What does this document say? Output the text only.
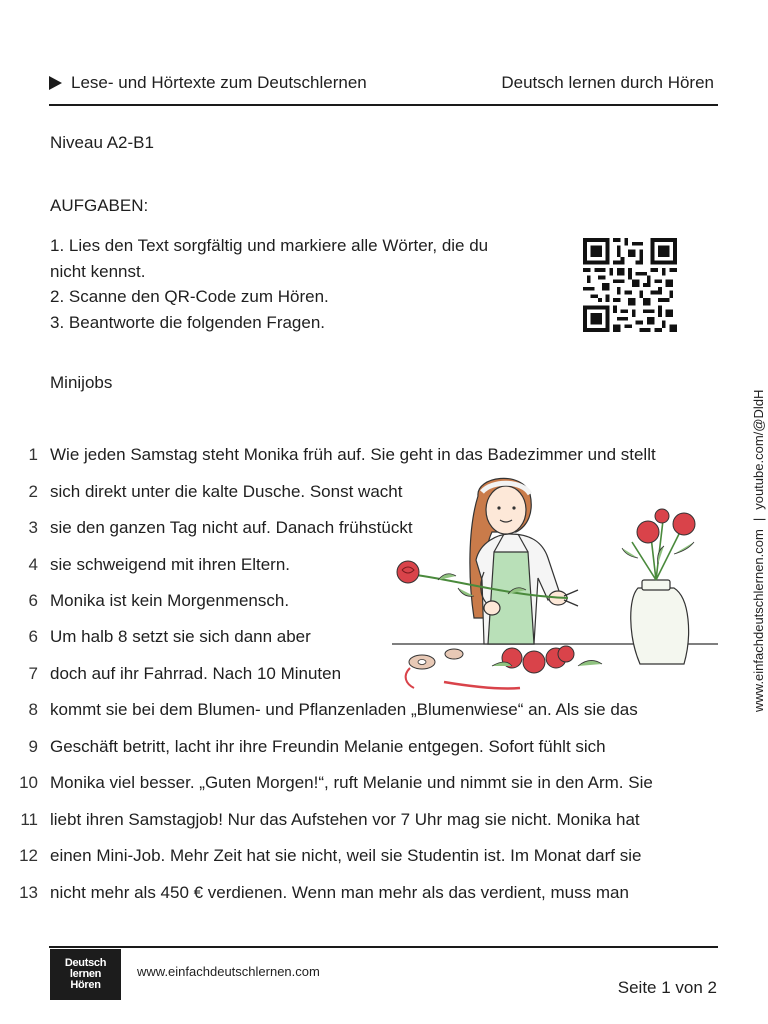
Lese- und Hörtexte zum Deutschlernen	Deutsch lernen durch Hören
Niveau A2-B1
AUFGABEN:
1. Lies den Text sorgfältig und markiere alle Wörter, die du
nicht kennst.
2. Scanne den QR-Code zum Hören.
3. Beantworte die folgenden Fragen.
Minijobs
1 Wie jeden Samstag steht Monika früh auf. Sie geht in das Badezimmer und stellt
2 sich direkt unter die kalte Dusche. Sonst wacht
3 sie den ganzen Tag nicht auf. Danach frühstückt
4 sie schweigend mit ihren Eltern.
6 Monika ist kein Morgenmensch.
6 Um halb 8 setzt sie sich dann aber
7 doch auf ihr Fahrrad. Nach 10 Minuten
8 kommt sie bei dem Blumen- und Pflanzenladen „Blumenwiese“ an. Als sie das
9 Geschäft betritt, lacht ihr ihre Freundin Melanie entgegen. Sofort fühlt sich
10 Monika viel besser. „Guten Morgen!“, ruft Melanie und nimmt sie in den Arm. Sie
11 liebt ihren Samstagjob! Nur das Aufstehen vor 7 Uhr mag sie nicht. Monika hat
12 einen Mini-Job. Mehr Zeit hat sie nicht, weil sie Studentin ist. Im Monat darf sie
13 nicht mehr als 450 € verdienen. Wenn man mehr als das verdient, muss man
www.einfachdeutschlernen.com|youtube.com/@DldH
Deutsch
lernen
Hören
www.einfachdeutschlernen.com
Seite 1 von 2
